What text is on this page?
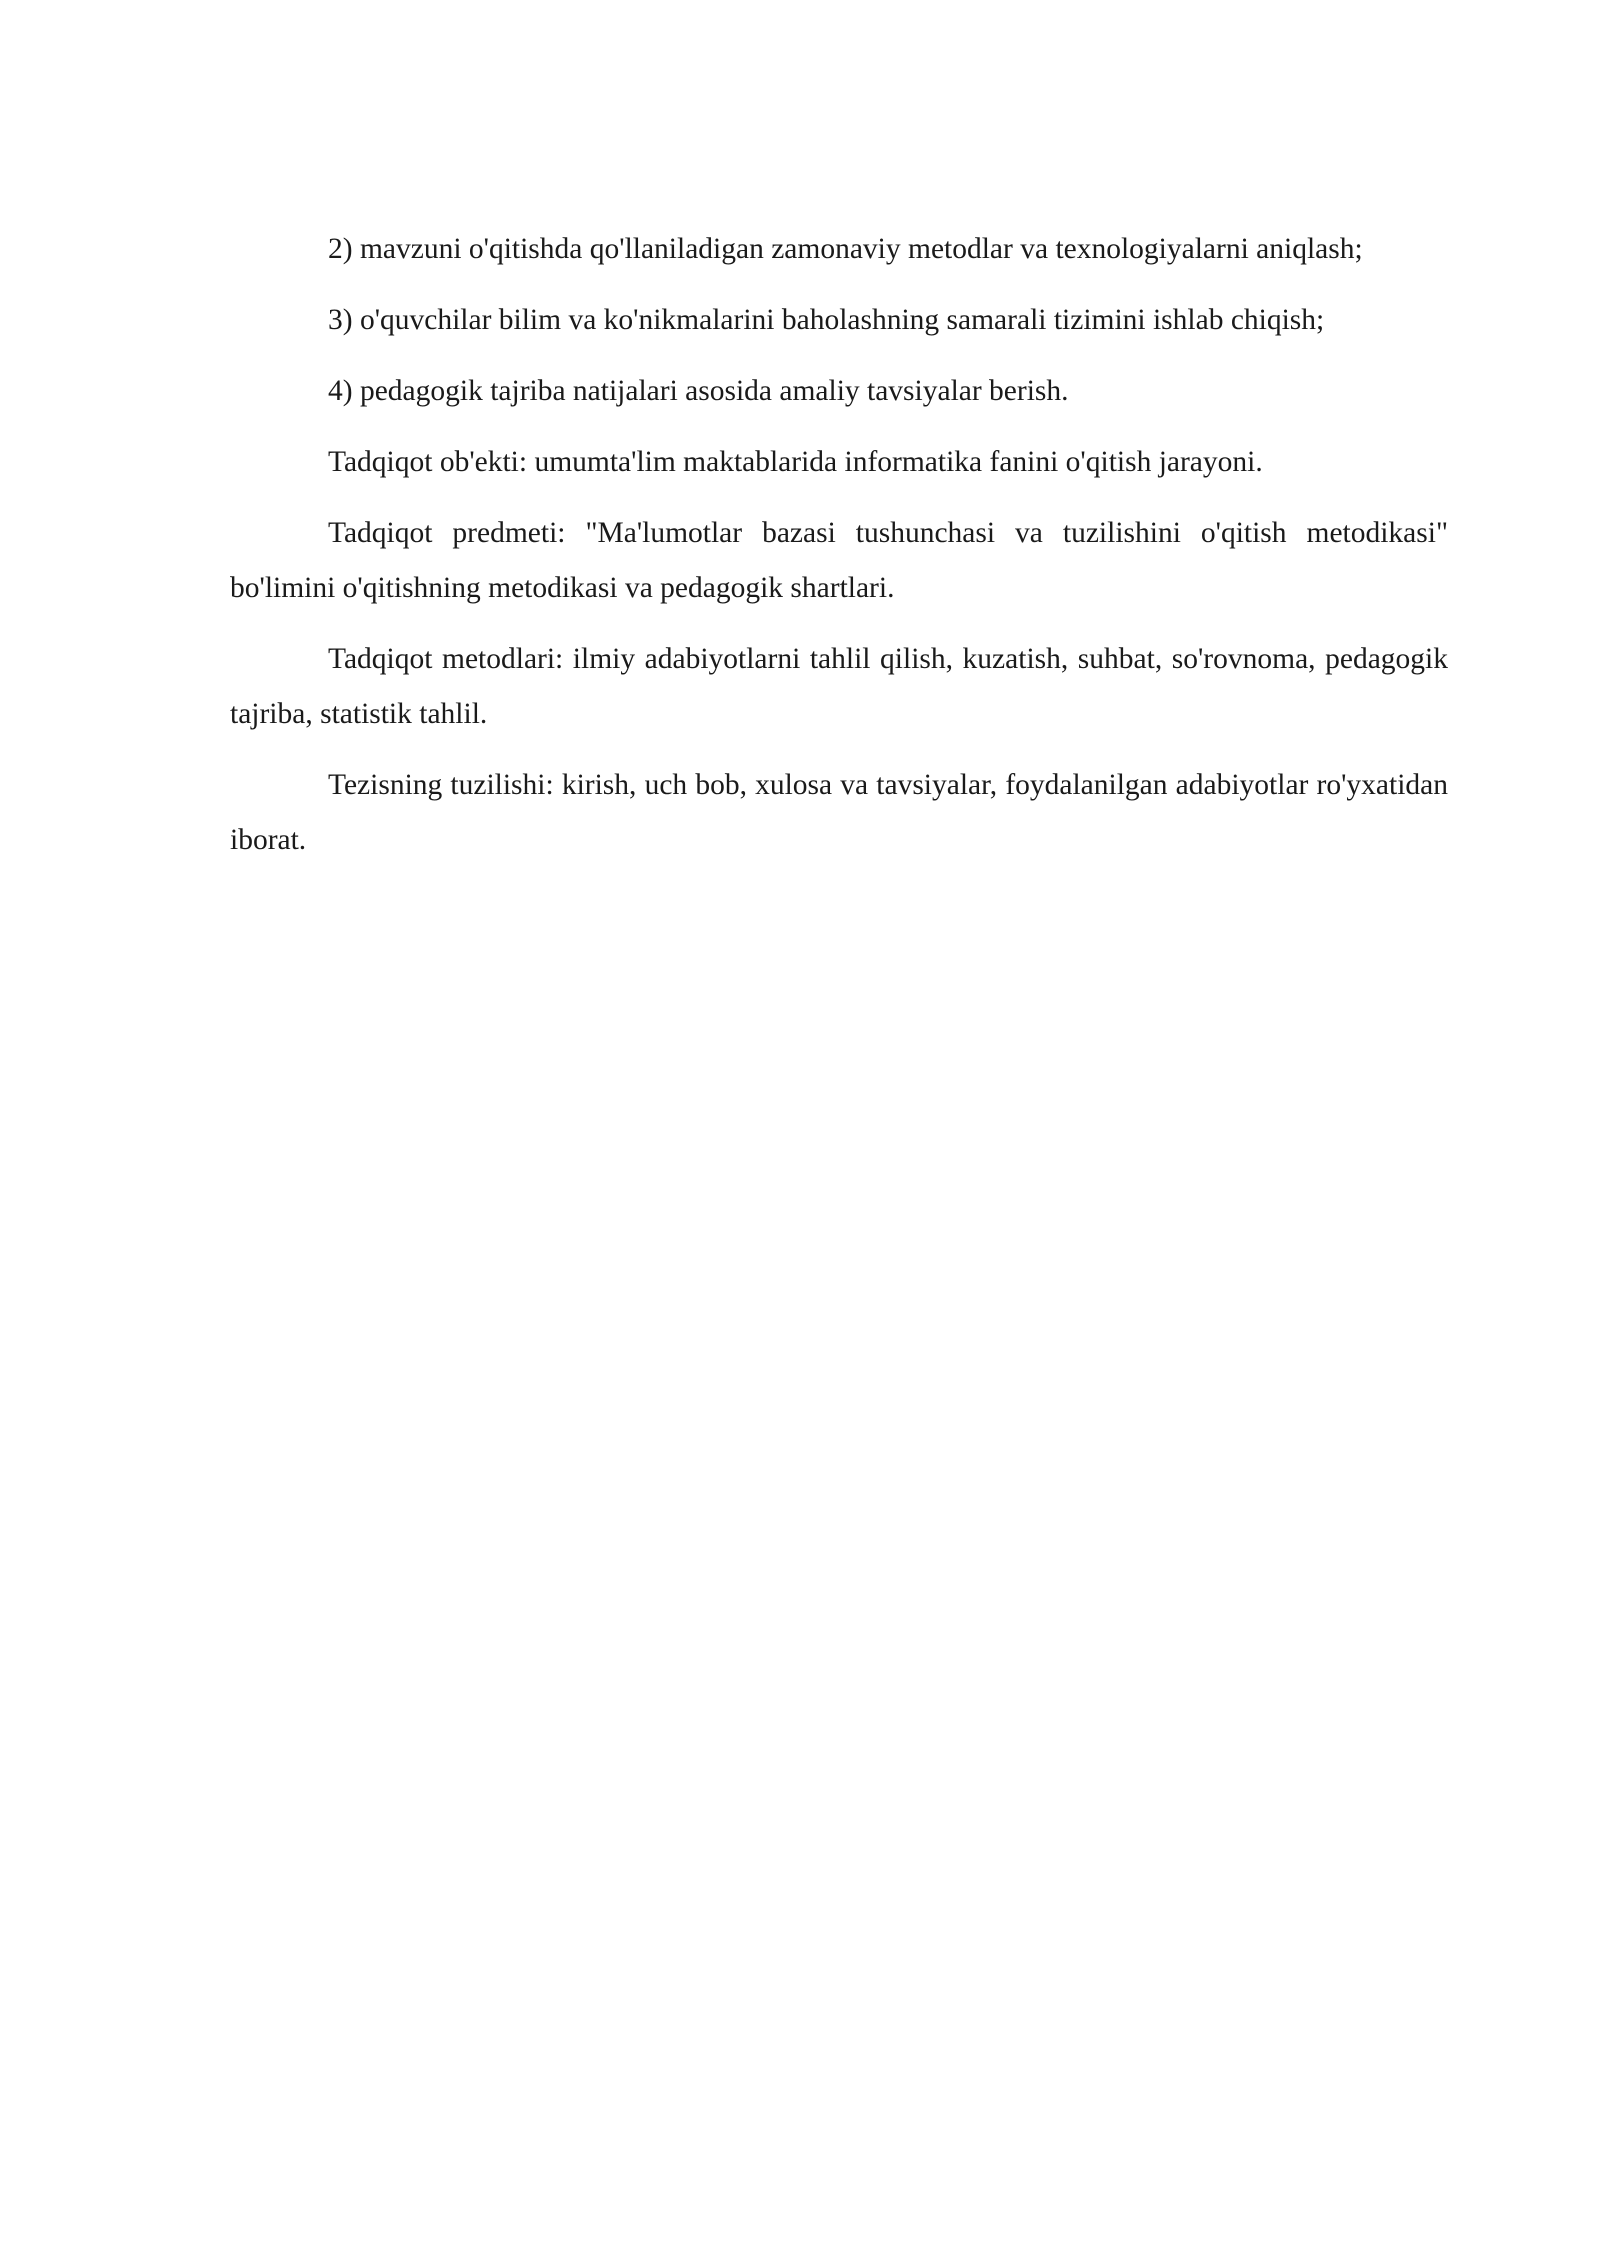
2) mavzuni o'qitishda qo'llaniladigan zamonaviy metodlar va texnologiyalarni aniqlash;

3) o'quvchilar bilim va ko'nikmalarini baholashning samarali tizimini ishlab chiqish;

4) pedagogik tajriba natijalari asosida amaliy tavsiyalar berish.

Tadqiqot ob'ekti: umumta'lim maktablarida informatika fanini o'qitish jarayoni.

Tadqiqot predmeti: "Ma'lumotlar bazasi tushunchasi va tuzilishini o'qitish metodikasi" bo'limini o'qitishning metodikasi va pedagogik shartlari.

Tadqiqot metodlari: ilmiy adabiyotlarni tahlil qilish, kuzatish, suhbat, so'rovnoma, pedagogik tajriba, statistik tahlil.

Tezisning tuzilishi: kirish, uch bob, xulosa va tavsiyalar, foydalanilgan adabiyotlar ro'yxatidan iborat.
